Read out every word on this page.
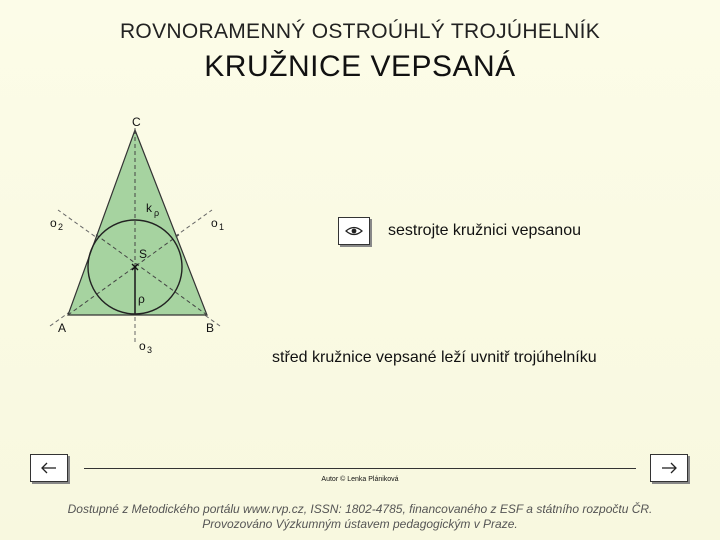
ROVNORAMENNÝ OSTROÚHLÝ TROJÚHELNÍK
KRUŽNICE VEPSANÁ
C
A	B
S
ρ
k ρ
o 1
o 2
o 3
sestrojte kružnici vepsanou
střed kružnice vepsané leží uvnitř trojúhelníku
Autor © Lenka Plániková
Dostupné z Metodického portálu www.rvp.cz, ISSN: 1802-4785, financovaného z ESF a státního rozpočtu ČR.
Provozováno Výzkumným ústavem pedagogickým v Praze.
